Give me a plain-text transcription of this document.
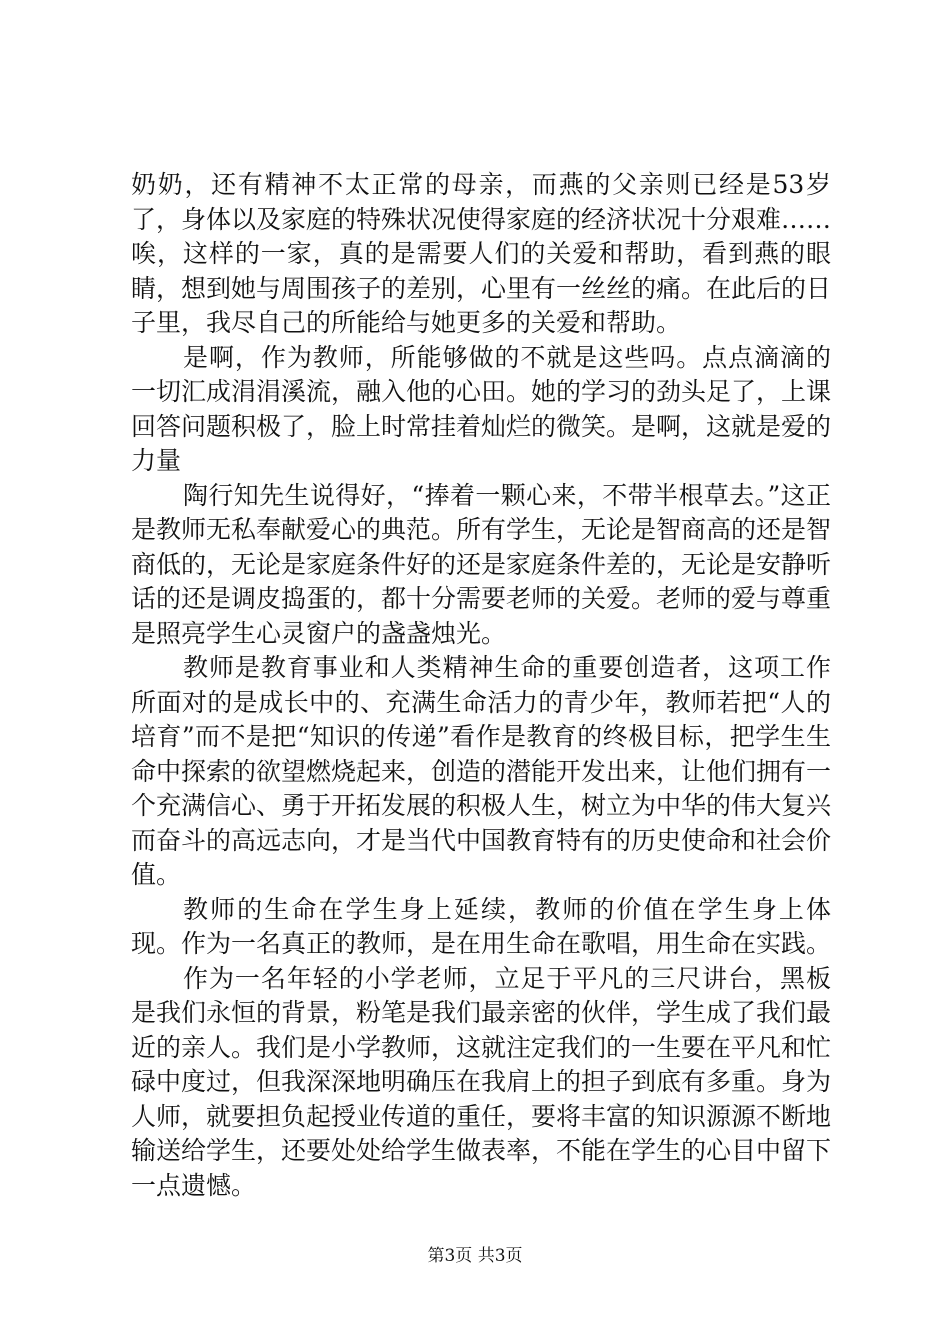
奶奶，还有精神不太正常的母亲，而燕的父亲则已经是53岁了，身体以及家庭的特殊状况使得家庭的经济状况十分艰难……唉，这样的一家，真的是需要人们的关爱和帮助，看到燕的眼睛，想到她与周围孩子的差别，心里有一丝丝的痛。在此后的日子里，我尽自己的所能给与她更多的关爱和帮助。

是啊，作为教师，所能够做的不就是这些吗。点点滴滴的一切汇成涓涓溪流，融入他的心田。她的学习的劲头足了，上课回答问题积极了，脸上时常挂着灿烂的微笑。是啊，这就是爱的力量

陶行知先生说得好，“捧着一颗心来，不带半根草去。”这正是教师无私奉献爱心的典范。所有学生，无论是智商高的还是智商低的，无论是家庭条件好的还是家庭条件差的，无论是安静听话的还是调皮捣蛋的，都十分需要老师的关爱。老师的爱与尊重是照亮学生心灵窗户的盏盏烛光。

教师是教育事业和人类精神生命的重要创造者，这项工作所面对的是成长中的、充满生命活力的青少年，教师若把“人的培育”而不是把“知识的传递”看作是教育的终极目标，把学生生命中探索的欲望燃烧起来，创造的潜能开发出来，让他们拥有一个充满信心、勇于开拓发展的积极人生，树立为中华的伟大复兴而奋斗的高远志向，才是当代中国教育特有的历史使命和社会价值。

教师的生命在学生身上延续，教师的价值在学生身上体现。作为一名真正的教师，是在用生命在歌唱，用生命在实践。

作为一名年轻的小学老师，立足于平凡的三尺讲台，黑板是我们永恒的背景，粉笔是我们最亲密的伙伴，学生成了我们最近的亲人。我们是小学教师，这就注定我们的一生要在平凡和忙碌中度过，但我深深地明确压在我肩上的担子到底有多重。身为人师，就要担负起授业传道的重任，要将丰富的知识源源不断地输送给学生，还要处处给学生做表率，不能在学生的心目中留下一点遗憾。

第3页 共3页
